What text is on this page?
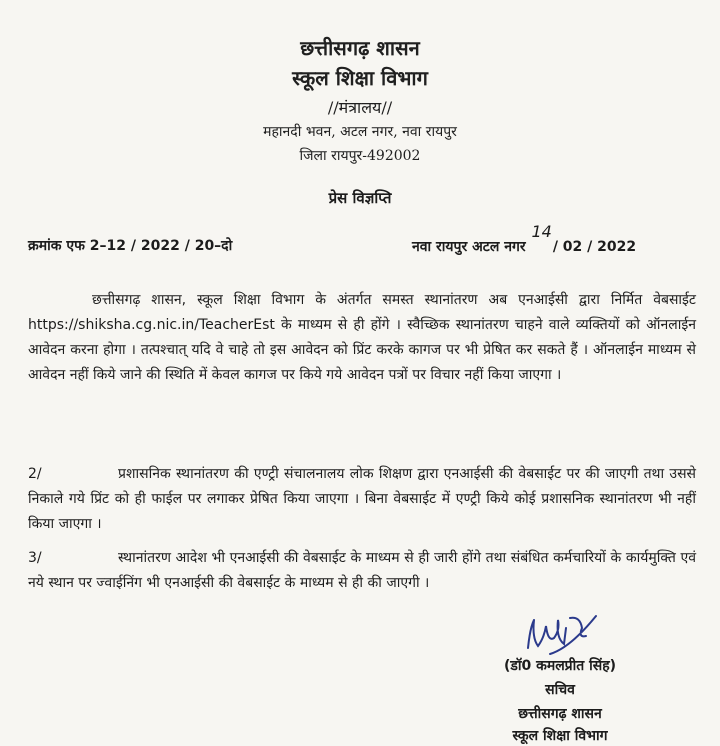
छत्तीसगढ़ शासन
स्कूल शिक्षा विभाग
//मंत्रालय//
महानदी भवन, अटल नगर, नवा रायपुर
जिला रायपुर-492002
प्रेस विज्ञप्ति
क्रमांक एफ 2–12 / 2022 / 20–दो	नवा रायपुर अटल नगर 14/ 02 / 2022
छत्तीसगढ़ शासन, स्कूल शिक्षा विभाग के अंतर्गत समस्त स्थानांतरण अब एनआईसी द्वारा निर्मित वेबसाईट https://shiksha.cg.nic.in/TeacherEst के माध्यम से ही होंगे । स्वैच्छिक स्थानांतरण चाहने वाले व्यक्तियों को ऑनलाईन आवेदन करना होगा । तत्पश्चात् यदि वे चाहे तो इस आवेदन को प्रिंट करके कागज पर भी प्रेषित कर सकते हैं । ऑनलाईन माध्यम से आवेदन नहीं किये जाने की स्थिति में केवल कागज पर किये गये आवेदन पत्रों पर विचार नहीं किया जाएगा ।
2/	प्रशासनिक स्थानांतरण की एण्ट्री संचालनालय लोक शिक्षण द्वारा एनआईसी की वेबसाईट पर की जाएगी तथा उससे निकाले गये प्रिंट को ही फाईल पर लगाकर प्रेषित किया जाएगा । बिना वेबसाईट में एण्ट्री किये कोई प्रशासनिक स्थानांतरण भी नहीं किया जाएगा ।
3/	स्थानांतरण आदेश भी एनआईसी की वेबसाईट के माध्यम से ही जारी होंगे तथा संबंधित कर्मचारियों के कार्यमुक्ति एवं नये स्थान पर ज्वाईनिंग भी एनआईसी की वेबसाईट के माध्यम से ही की जाएगी ।
(डॉ0 कमलप्रीत सिंह)
सचिव
छत्तीसगढ़ शासन
स्कूल शिक्षा विभाग
